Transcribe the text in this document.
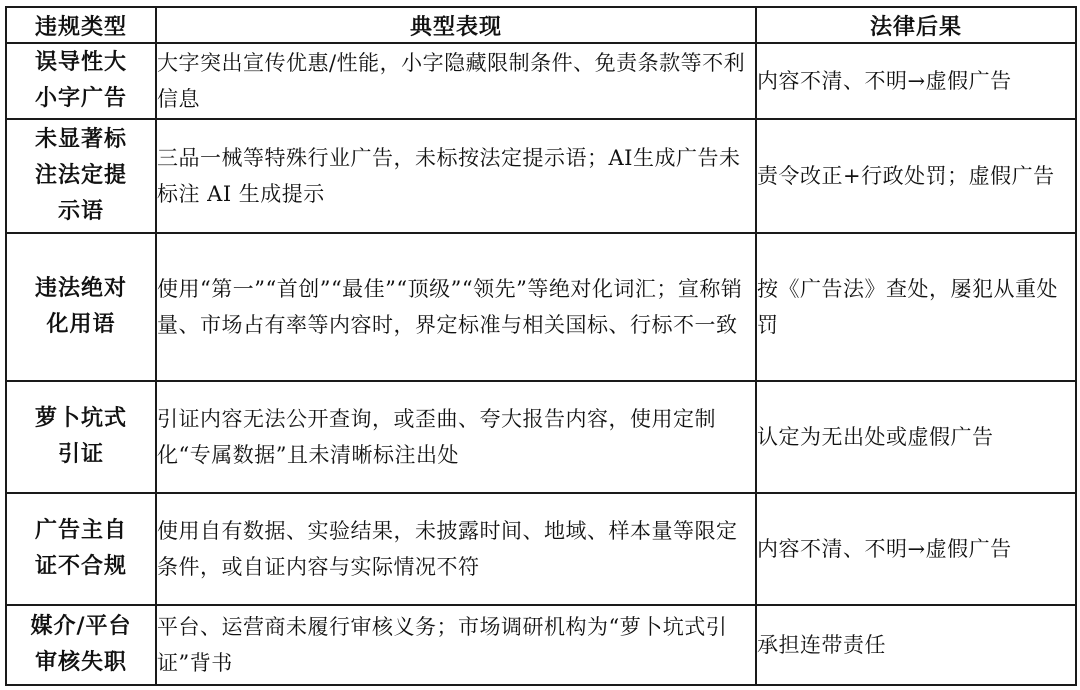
违规类型	典型表现	法律后果

误导性大
小字广告	大字突出宣传优惠/性能，小字隐藏限制条件、免责条款等不利信息	内容不清、不明→虚假广告

未显著标
注法定提
示语	三品一械等特殊行业广告，未标按法定提示语；AI生成广告未标注 AI 生成提示	责令改正+行政处罚；虚假广告

违法绝对
化用语	使用“第一”“首创”“最佳”“顶级”“领先”等绝对化词汇；宣称销量、市场占有率等内容时，界定标准与相关国标、行标不一致	按《广告法》查处，屡犯从重处罚

萝卜坑式
引证	引证内容无法公开查询，或歪曲、夸大报告内容，使用定制化“专属数据”且未清晰标注出处	认定为无出处或虚假广告

广告主自
证不合规	使用自有数据、实验结果，未披露时间、地域、样本量等限定条件，或自证内容与实际情况不符	内容不清、不明→虚假广告

媒介/平台
审核失职	平台、运营商未履行审核义务；市场调研机构为“萝卜坑式引证”背书	承担连带责任
